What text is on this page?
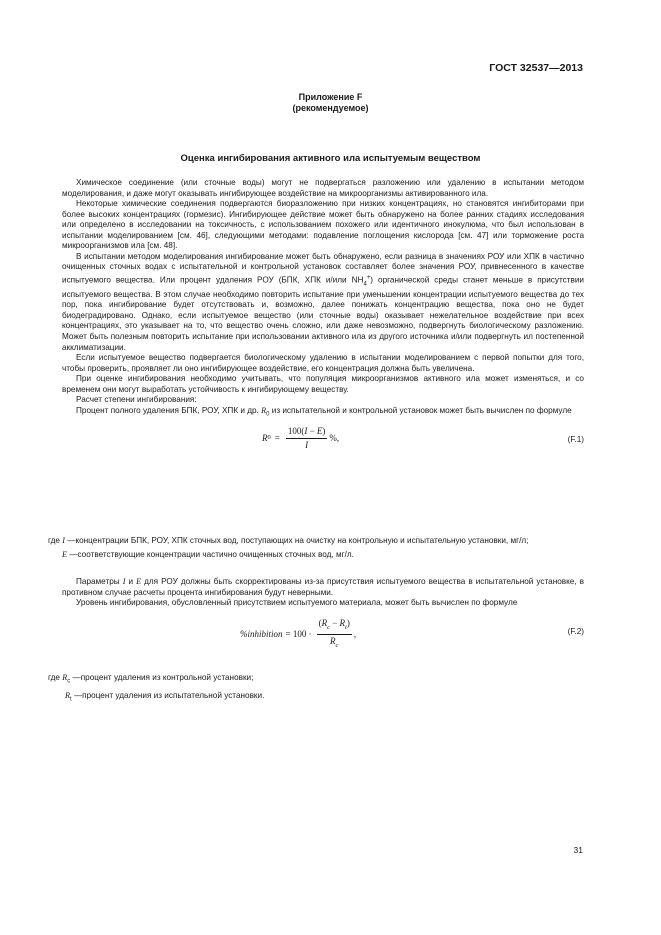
ГОСТ 32537—2013
Приложение F
(рекомендуемое)
Оценка ингибирования активного ила испытуемым веществом

Химическое соединение (или сточные воды) могут не подвергаться разложению или удалению в испытании методом моделирования, и даже могут оказывать ингибирующее воздействие на микроорганизмы активированного ила.

Некоторые химические соединения подвергаются биоразложению при низких концентрациях, но становятся ингибиторами при более высоких концентрациях (гормезис). Ингибирующее действие может быть обнаружено на более ранних стадиях исследования или определено в исследовании на токсичность, с использованием похожего или идентичного инокулюма, что был использован в испытании моделированием [см. 46], следующими методами: подавление поглощения кислорода [см. 47] или торможение роста микроорганизмов ила [см. 48].

В испытании методом моделирования ингибирование может быть обнаружено, если разница в значениях РОУ или ХПК в частично очищенных сточных водах с испытательной и контрольной установок составляет более значения РОУ, привнесенного в качестве испытуемого вещества. Или процент удаления РОУ (БПК, ХПК и/или $NH_4^+$) органической среды станет меньше в присутствии испытуемого вещества. В этом случае необходимо повторить испытание при уменьшении концентрации испытуемого вещества до тех пор, пока ингибирование будет отсутствовать и, возможно, далее понижать концентрацию вещества, пока оно не будет биодеградировано. Однако, если испытуемое вещество (или сточные воды) оказывает нежелательное воздействие при всех концентрациях, это указывает на то, что вещество очень сложно, или даже невозможно, подвергнуть биологическому разложению. Может быть полезным повторить испытание при использовании активного ила из другого источника и/или подвергнуть ил постепенной акклиматизации.

Если испытуемое вещество подвергается биологическому удалению в испытании моделированием с первой попытки для того, чтобы проверить, проявляет ли оно ингибирующее воздействие, его концентрация должна быть увеличена.

При оценке ингибирования необходимо учитывать, что популяция микроорганизмов активного ила может изменяться, и со временем они могут выработать устойчивость к ингибирующему веществу.

Расчет степени ингибирования:

Процент полного удаления БПК, РОУ, ХПК и др. $R_0$ из испытательной и контрольной установок может быть вычислен по формуле

R $0 = \frac{100(I - E)}{I}$ %,	(F.1)
где I — концентрации БПК, РОУ, ХПК сточных вод, поступающих на очистку на контрольную и испытательную установки, мг/л;
E — соответствующие концентрации частично очищенных сточных вод, мг/л.

Параметры I и E для РОУ должны быть скорректированы из-за присутствия испытуемого вещества в испытательной установке, в противном случае расчеты процента ингибирования будут неверными.

Уровень ингибирования, обусловленный присутствием испытуемого материала, может быть вычислен по формуле

%inhibition = $100 \cdot \frac{(R_c - R_t)}{R_c}$ ,	(F.2)
где $R_c$ — процент удаления из контрольной установки;
$R_t$ — процент удаления из испытательной установки.
31
